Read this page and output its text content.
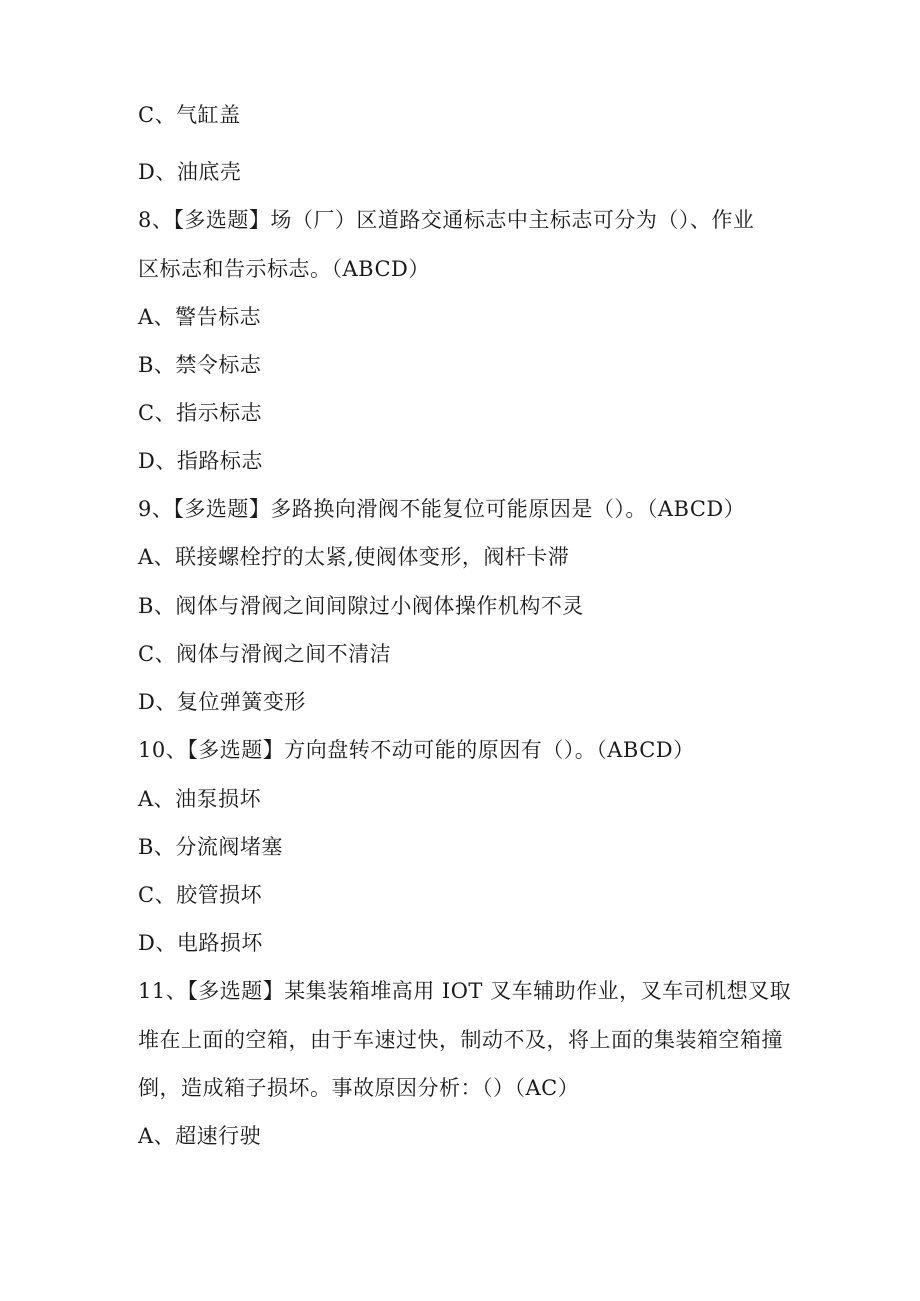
C、气缸盖
D、油底壳
8、【多选题】场（厂）区道路交通标志中主标志可分为（）、作业
区标志和告示标志。（ABCD）
A、警告标志
B、禁令标志
C、指示标志
D、指路标志
9、【多选题】多路换向滑阀不能复位可能原因是（）。（ABCD）
A、联接螺栓拧的太紧,使阀体变形，阀杆卡滞
B、阀体与滑阀之间间隙过小阀体操作机构不灵
C、阀体与滑阀之间不清洁
D、复位弹簧变形
10、【多选题】方向盘转不动可能的原因有（）。（ABCD）
A、油泵损坏
B、分流阀堵塞
C、胶管损坏
D、电路损坏
11、【多选题】某集装箱堆高用 IOT 叉车辅助作业，叉车司机想叉取
堆在上面的空箱，由于车速过快，制动不及，将上面的集装箱空箱撞
倒，造成箱子损坏。事故原因分析：（）（AC）
A、超速行驶
